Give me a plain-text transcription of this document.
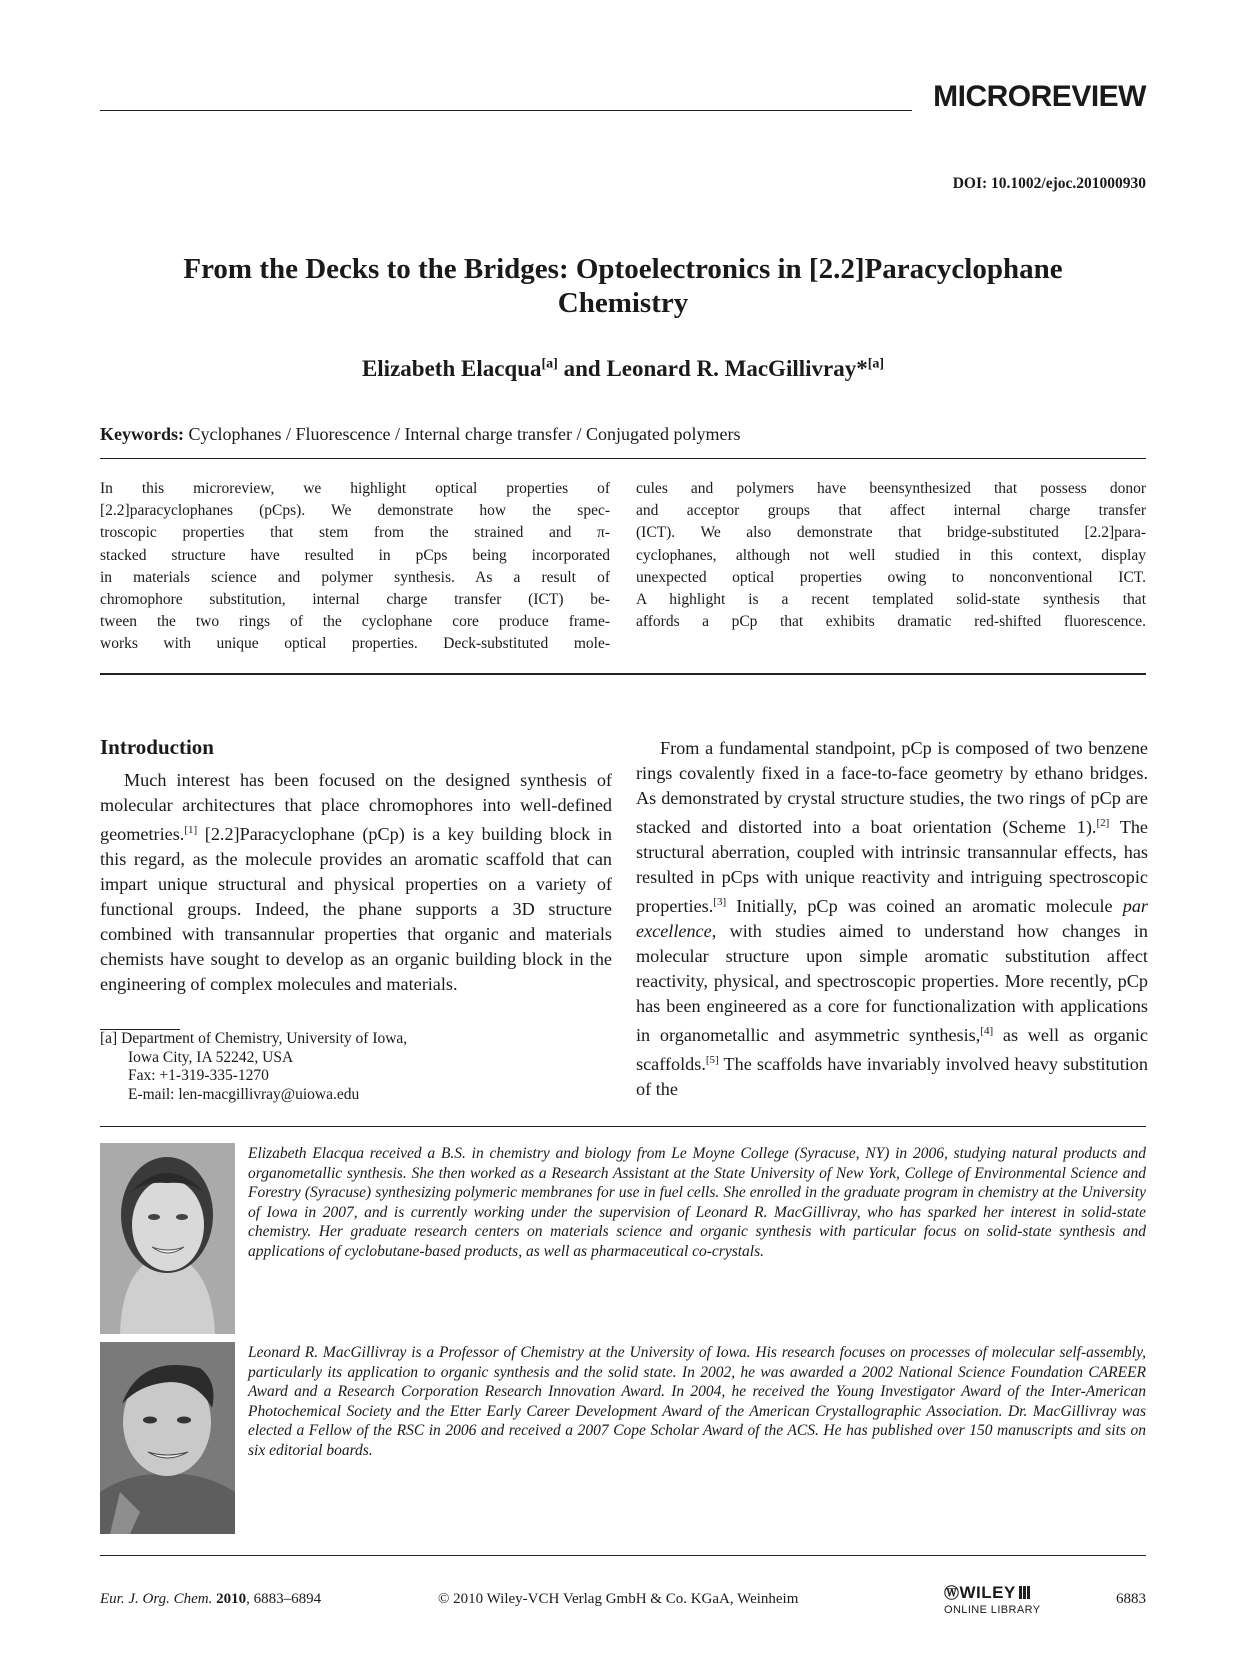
MICROREVIEW
DOI: 10.1002/ejoc.201000930
From the Decks to the Bridges: Optoelectronics in [2.2]Paracyclophane
Chemistry
Elizabeth Elacqua[a] and Leonard R. MacGillivray*[a]
Keywords: Cyclophanes / Fluorescence / Internal charge transfer / Conjugated polymers
In this microreview, we highlight optical properties of
[2.2]paracyclophanes (pCps). We demonstrate how the spec-
troscopic properties that stem from the strained and π-
stacked structure have resulted in pCps being incorporated
in materials science and polymer synthesis. As a result of
chromophore substitution, internal charge transfer (ICT) be-
tween the two rings of the cyclophane core produce frame-
works with unique optical properties. Deck-substituted mole-
cules and polymers have beensynthesized that possess donor
and acceptor groups that affect internal charge transfer
(ICT). We also demonstrate that bridge-substituted [2.2]para-
cyclophanes, although not well studied in this context, display
unexpected optical properties owing to nonconventional ICT.
A highlight is a recent templated solid-state synthesis that
affords a pCp that exhibits dramatic red-shifted fluorescence.
Introduction

Much interest has been focused on the designed synthesis of molecular architectures that place chromophores into well-defined geometries.[1] [2.2]Paracyclophane (pCp) is a key building block in this regard, as the molecule provides an aromatic scaffold that can impart unique structural and physical properties on a variety of functional groups. Indeed, the phane supports a 3D structure combined with transannular properties that organic and materials chemists have sought to develop as an organic building block in the engineering of complex molecules and materials.

From a fundamental standpoint, pCp is composed of two benzene rings covalently fixed in a face-to-face geometry by ethano bridges. As demonstrated by crystal structure studies, the two rings of pCp are stacked and distorted into a boat orientation (Scheme 1).[2] The structural aberration, coupled with intrinsic transannular effects, has resulted in pCps with unique reactivity and intriguing spectroscopic properties.[3] Initially, pCp was coined an aromatic molecule par excellence, with studies aimed to understand how changes in molecular structure upon simple aromatic substitution affect reactivity, physical, and spectroscopic properties. More recently, pCp has been engineered as a core for functionalization with applications in organometallic and asymmetric synthesis,[4] as well as organic scaffolds.[5] The scaffolds have invariably involved heavy substitution of the

[a] Department of Chemistry, University of Iowa,
Iowa City, IA 52242, USA
Fax: +1-319-335-1270
E-mail: len-macgillivray@uiowa.edu
Elizabeth Elacqua received a B.S. in chemistry and biology from Le Moyne College (Syracuse, NY) in 2006, studying natural products and organometallic synthesis. She then worked as a Research Assistant at the State University of New York, College of Environmental Science and Forestry (Syracuse) synthesizing polymeric membranes for use in fuel cells. She enrolled in the graduate program in chemistry at the University of Iowa in 2007, and is currently working under the supervision of Leonard R. MacGillivray, who has sparked her interest in solid-state chemistry. Her graduate research centers on materials science and organic synthesis with particular focus on solid-state synthesis and applications of cyclobutane-based products, as well as pharmaceutical co-crystals.
Leonard R. MacGillivray is a Professor of Chemistry at the University of Iowa. His research focuses on processes of molecular self-assembly, particularly its application to organic synthesis and the solid state. In 2002, he was awarded a 2002 National Science Foundation CAREER Award and a Research Corporation Research Innovation Award. In 2004, he received the Young Investigator Award of the Inter-American Photochemical Society and the Etter Early Career Development Award of the American Crystallographic Association. Dr. MacGillivray was elected a Fellow of the RSC in 2006 and received a 2007 Cope Scholar Award of the ACS. He has published over 150 manuscripts and sits on six editorial boards.
Eur. J. Org. Chem. 2010, 6883–6894	© 2010 Wiley-VCH Verlag GmbH & Co. KGaA, Weinheim	ⓌWILEY
ONLINE LIBRARY
6883
